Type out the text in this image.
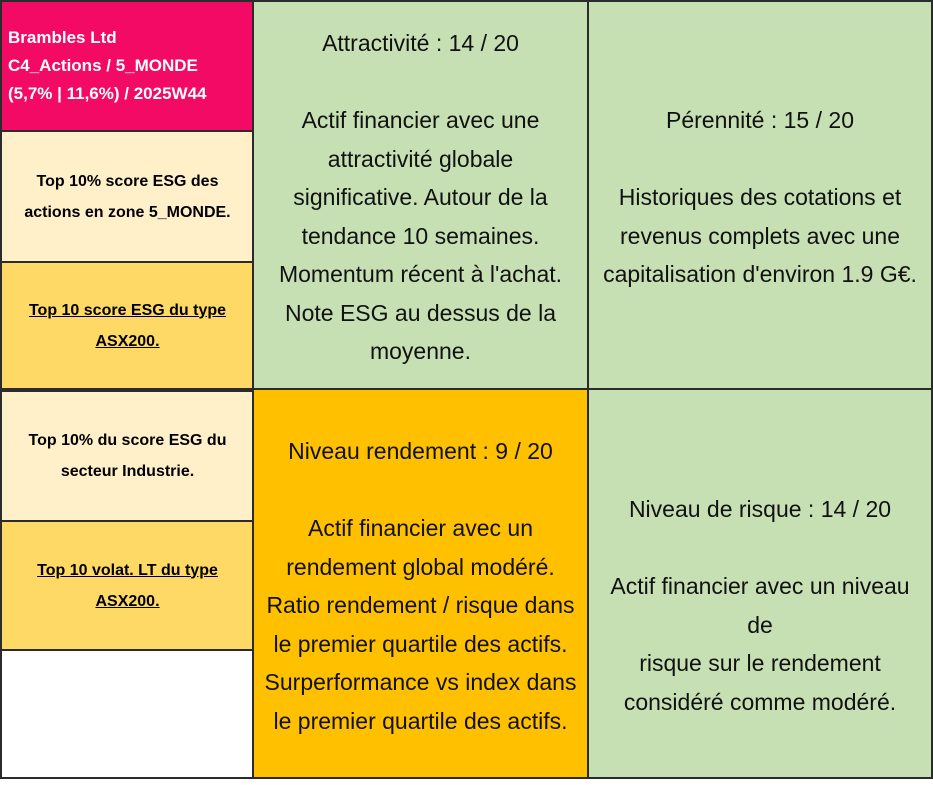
Brambles Ltd
C4_Actions / 5_MONDE
(5,7% | 11,6%) / 2025W44
Top 10% score ESG des
actions en zone 5_MONDE.
Top 10 score ESG du type
ASX200.
Top 10% du score ESG du
secteur Industrie.
Top 10 volat. LT du type
ASX200.
Attractivité : 14 / 20
Actif financier avec une
attractivité globale
significative. Autour de la
tendance 10 semaines.
Momentum récent à l'achat.
Note ESG au dessus de la
moyenne.
Pérennité : 15 / 20
Historiques des cotations et
revenus complets avec une
capitalisation d'environ 1.9 G€.
Niveau rendement : 9 / 20
Actif financier avec un
rendement global modéré.
Ratio rendement / risque dans
le premier quartile des actifs.
Surperformance vs index dans
le premier quartile des actifs.
Niveau de risque : 14 / 20
Actif financier avec un niveau de
risque sur le rendement
considéré comme modéré.
